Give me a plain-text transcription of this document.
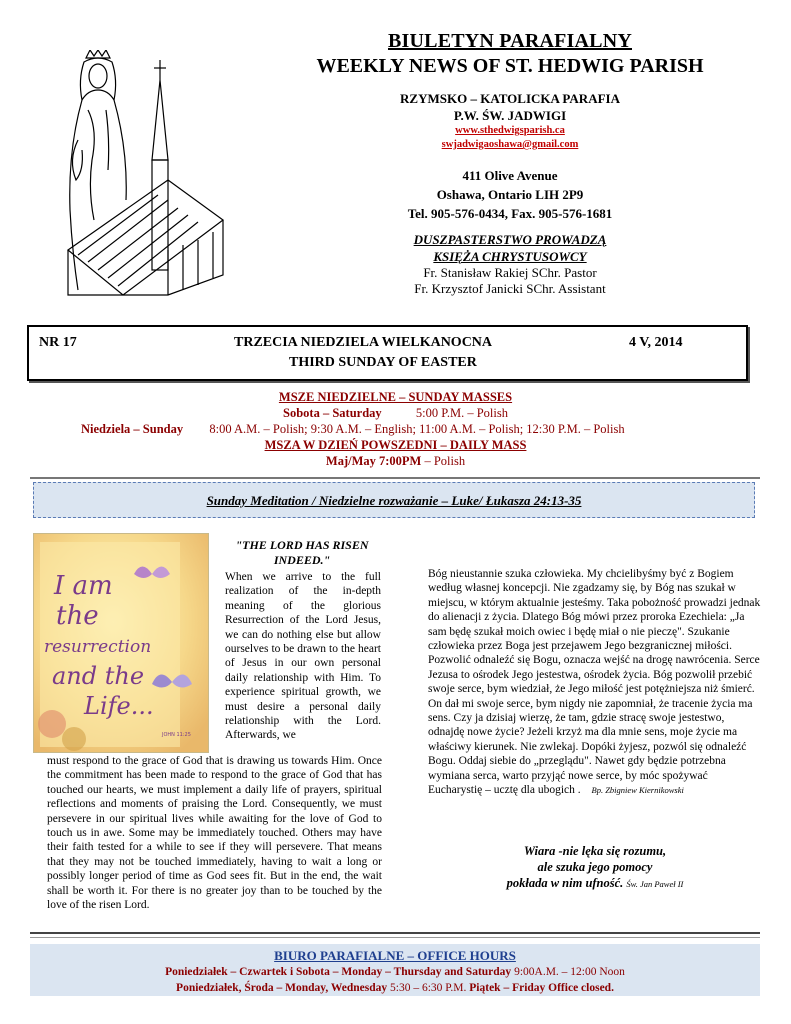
BIULETYN PARAFIALNY
WEEKLY NEWS OF ST. HEDWIG PARISH
RZYMSKO – KATOLICKA PARAFIA
P.W. ŚW. JADWIGI
www.sthedwigsparish.ca
swjadwigaoshawa@gmail.com
411 Olive Avenue
Oshawa, Ontario LIH 2P9
Tel. 905-576-0434, Fax. 905-576-1681
DUSZPASTERSTWO PROWADZĄ
KSIĘŻA CHRYSTUSOWCY
Fr. Stanisław Rakiej SChr. Pastor
Fr. Krzysztof Janicki SChr. Assistant
NR 17	TRZECIA NIEDZIELA WIELKANOCNA	4 V, 2014
THIRD SUNDAY OF EASTER
MSZE NIEDZIELNE – SUNDAY MASSES
Sobota – Saturday	5:00 P.M. – Polish
Niedziela – Sunday 8:00 A.M. – Polish; 9:30 A.M. – English; 11:00 A.M. – Polish; 12:30 P.M. – Polish
MSZA W DZIEŃ POWSZEDNI – DAILY MASS
Maj/May 7:00PM – Polish
Sunday Meditation / Niedzielne rozważanie – Luke/ Łukasza 24:13-35
I am
the
resurrection
and the
Life...
JOHN 11:25
"THE LORD HAS RISEN INDEED."
When we arrive to the full realization of the in-depth meaning of the glorious Resurrection of the Lord Jesus, we can do nothing else but allow ourselves to be drawn to the heart of Jesus in our own personal daily relationship with Him. To experience spiritual growth, we must desire a personal daily relationship with the Lord. Afterwards, we
must respond to the grace of God that is drawing us towards Him. Once the commitment has been made to respond to the grace of God that has touched our hearts, we must implement a daily life of prayers, spiritual reflections and moments of praising the Lord. Consequently, we must persevere in our spiritual lives while awaiting for the love of God to touch us in awe. Some may be immediately touched. Others may have their faith tested for a while to see if they will persevere. That means that they may not be touched immediately, having to wait a long or possibly longer period of time as God sees fit. But in the end, the wait shall be worth it. For there is no greater joy than to be touched by the love of the risen Lord.
Bóg nieustannie szuka człowieka. My chcielibyśmy być z Bogiem według własnej koncepcji. Nie zgadzamy się, by Bóg nas szukał w miejscu, w którym aktualnie jesteśmy. Taka pobożność prowadzi jednak do alienacji z życia. Dlatego Bóg mówi przez proroka Ezechiela: „Ja sam będę szukał moich owiec i będę miał o nie pieczę". Szukanie człowieka przez Boga jest przejawem Jego bezgranicznej miłości. Pozwolić odnaleźć się Bogu, oznacza wejść na drogę nawrócenia. Serce Jezusa to ośrodek Jego jestestwa, ośrodek życia. Bóg pozwolił przebić swoje serce, bym wiedział, że Jego miłość jest potężniejsza niż śmierć. On dał mi swoje serce, bym nigdy nie zapomniał, że tracenie życia ma sens. Czy ja dzisiaj wierzę, że tam, gdzie stracę swoje jestestwo, odnajdę nowe życie? Jeżeli krzyż ma dla mnie sens, moje życie ma właściwy kierunek. Nie zwlekaj. Dopóki żyjesz, pozwól się odnaleźć Bogu. Oddaj siebie do „przeglądu". Nawet gdy będzie potrzebna wymiana serca, warto przyjąć nowe serce, by móc spożywać Eucharystię – ucztę dla ubogich . Bp. Zbigniew Kiernikowski
Wiara -nie lęka się rozumu,
ale szuka jego pomocy
pokłada w nim ufność. Św. Jan Paweł II
BIURO PARAFIALNE – OFFICE HOURS
Poniedziałek – Czwartek i Sobota – Monday – Thursday and Saturday 9:00A.M. – 12:00 Noon
Poniedziałek, Środa – Monday, Wednesday 5:30 – 6:30 P.M. Piątek – Friday Office closed.
